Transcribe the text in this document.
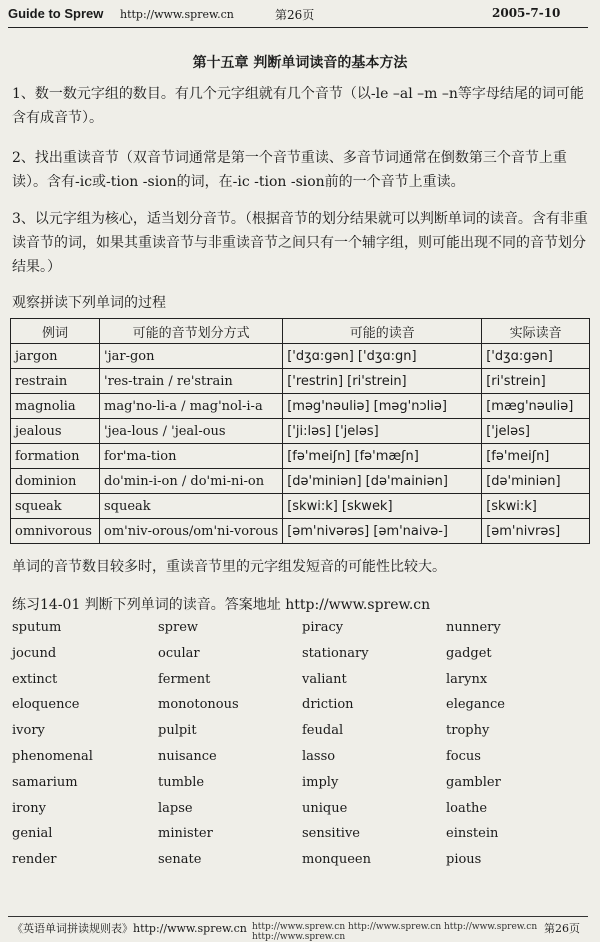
Guide to Sprew http://www.sprew.cn	第26页	2005-7-10
第十五章 判断单词读音的基本方法
1、数一数元字组的数目。有几个元字组就有几个音节（以-le –al –m –n等字母结尾的词可能含有成音节）。
2、找出重读音节（双音节词通常是第一个音节重读、多音节词通常在倒数第三个音节上重读）。含有-ic或-tion -sion的词，在-ic -tion -sion前的一个音节上重读。
3、以元字组为核心，适当划分音节。（根据音节的划分结果就可以判断单词的读音。含有非重读音节的词，如果其重读音节与非重读音节之间只有一个辅字组，则可能出现不同的音节划分结果。）
观察拼读下列单词的过程
例词	可能的音节划分方式	可能的读音	实际读音
jargon	'jar-gon	['dʒɑ:gən] ['dʒɑ:gn]	['dʒɑ:gən]
restrain	'res-train / re'strain	['restrin] [ri'strein]	[ri'strein]
magnolia	mag'no-li-a / mag'nol-i-a	[məg'nəuliə] [məg'nɔliə]	[mæg'nəuliə]
jealous	'jea-lous / 'jeal-ous	['ji:ləs] ['jeləs]	['jeləs]
formation	for'ma-tion	[fə'meiʃn] [fə'mæʃn]	[fə'meiʃn]
dominion	do'min-i-on / do'mi-ni-on	[də'miniən] [də'mainiən]	[də'miniən]
squeak	squeak	[skwi:k] [skwek]	[skwi:k]
omnivorous	om'niv-orous/om'ni-vorous	[əm'nivərəs] [əm'naivə-]	[əm'nivrəs]
单词的音节数目较多时，重读音节里的元字组发短音的可能性比较大。
练习14-01 判断下列单词的读音。答案地址 http://www.sprew.cn
sputum	sprew	piracy	nunnery
jocund	ocular	stationary	gadget
extinct	ferment	valiant	larynx
eloquence	monotonous	driction	elegance
ivory	pulpit	feudal	trophy
phenomenal	nuisance	lasso	focus
samarium	tumble	imply	gambler
irony	lapse	unique	loathe
genial	minister	sensitive	einstein
render	senate	monqueen	pious
《英语单词拼读规则表》http://www.sprew.cn http://www.sprew.cn http://www.sprew.cn http://www.sprew.cn http://www.sprew.cn
第26页
